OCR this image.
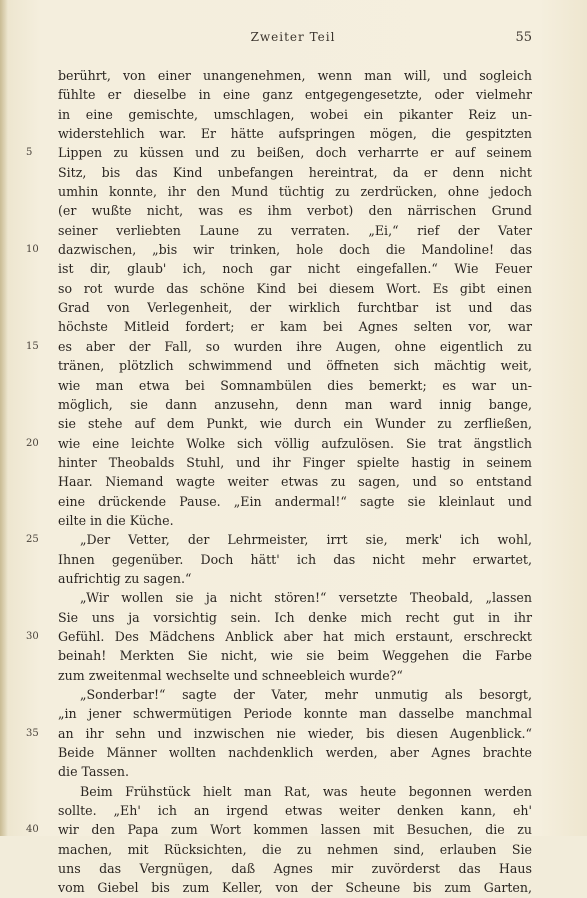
Zweiter Teil	55
berührt, von einer unangenehmen, wenn man will, und sogleich
fühlte er dieselbe in eine ganz entgegengesetzte, oder vielmehr
in eine gemischte, umschlagen, wobei ein pikanter Reiz un-
widerstehlich war. Er hätte aufspringen mögen, die gespitzten
5	Lippen zu küssen und zu beißen, doch verharrte er auf seinem
Sitz, bis das Kind unbefangen hereintrat, da er denn nicht
umhin konnte, ihr den Mund tüchtig zu zerdrücken, ohne jedoch
(er wußte nicht, was es ihm verbot) den närrischen Grund
seiner verliebten Laune zu verraten. „Ei,“ rief der Vater
10	dazwischen, „bis wir trinken, hole doch die Mandoline! das
ist dir, glaub' ich, noch gar nicht eingefallen.“ Wie Feuer
so rot wurde das schöne Kind bei diesem Wort. Es gibt einen
Grad von Verlegenheit, der wirklich furchtbar ist und das
höchste Mitleid fordert; er kam bei Agnes selten vor, war
15	es aber der Fall, so wurden ihre Augen, ohne eigentlich zu
tränen, plötzlich schwimmend und öffneten sich mächtig weit,
wie man etwa bei Somnambülen dies bemerkt; es war un-
möglich, sie dann anzusehn, denn man ward innig bange,
sie stehe auf dem Punkt, wie durch ein Wunder zu zerfließen,
20	wie eine leichte Wolke sich völlig aufzulösen. Sie trat ängstlich
hinter Theobalds Stuhl, und ihr Finger spielte hastig in seinem
Haar. Niemand wagte weiter etwas zu sagen, und so entstand
eine drückende Pause. „Ein andermal!“ sagte sie kleinlaut und
eilte in die Küche.
25	„Der Vetter, der Lehrmeister, irrt sie, merk' ich wohl,
Ihnen gegenüber. Doch hätt' ich das nicht mehr erwartet,
aufrichtig zu sagen.“
„Wir wollen sie ja nicht stören!“ versetzte Theobald, „lassen
Sie uns ja vorsichtig sein. Ich denke mich recht gut in ihr
30	Gefühl. Des Mädchens Anblick aber hat mich erstaunt, erschreckt
beinah! Merkten Sie nicht, wie sie beim Weggehen die Farbe
zum zweitenmal wechselte und schneebleich wurde?“
„Sonderbar!“ sagte der Vater, mehr unmutig als besorgt,
„in jener schwermütigen Periode konnte man dasselbe manchmal
35	an ihr sehn und inzwischen nie wieder, bis diesen Augenblick.“
Beide Männer wollten nachdenklich werden, aber Agnes brachte
die Tassen.
Beim Frühstück hielt man Rat, was heute begonnen werden
sollte. „Eh' ich an irgend etwas weiter denken kann, eh'
40	wir den Papa zum Wort kommen lassen mit Besuchen, die zu
machen, mit Rücksichten, die zu nehmen sind, erlauben Sie
uns das Vergnügen, daß Agnes mir zuvörderst das Haus
vom Giebel bis zum Keller, von der Scheune bis zum Garten,
